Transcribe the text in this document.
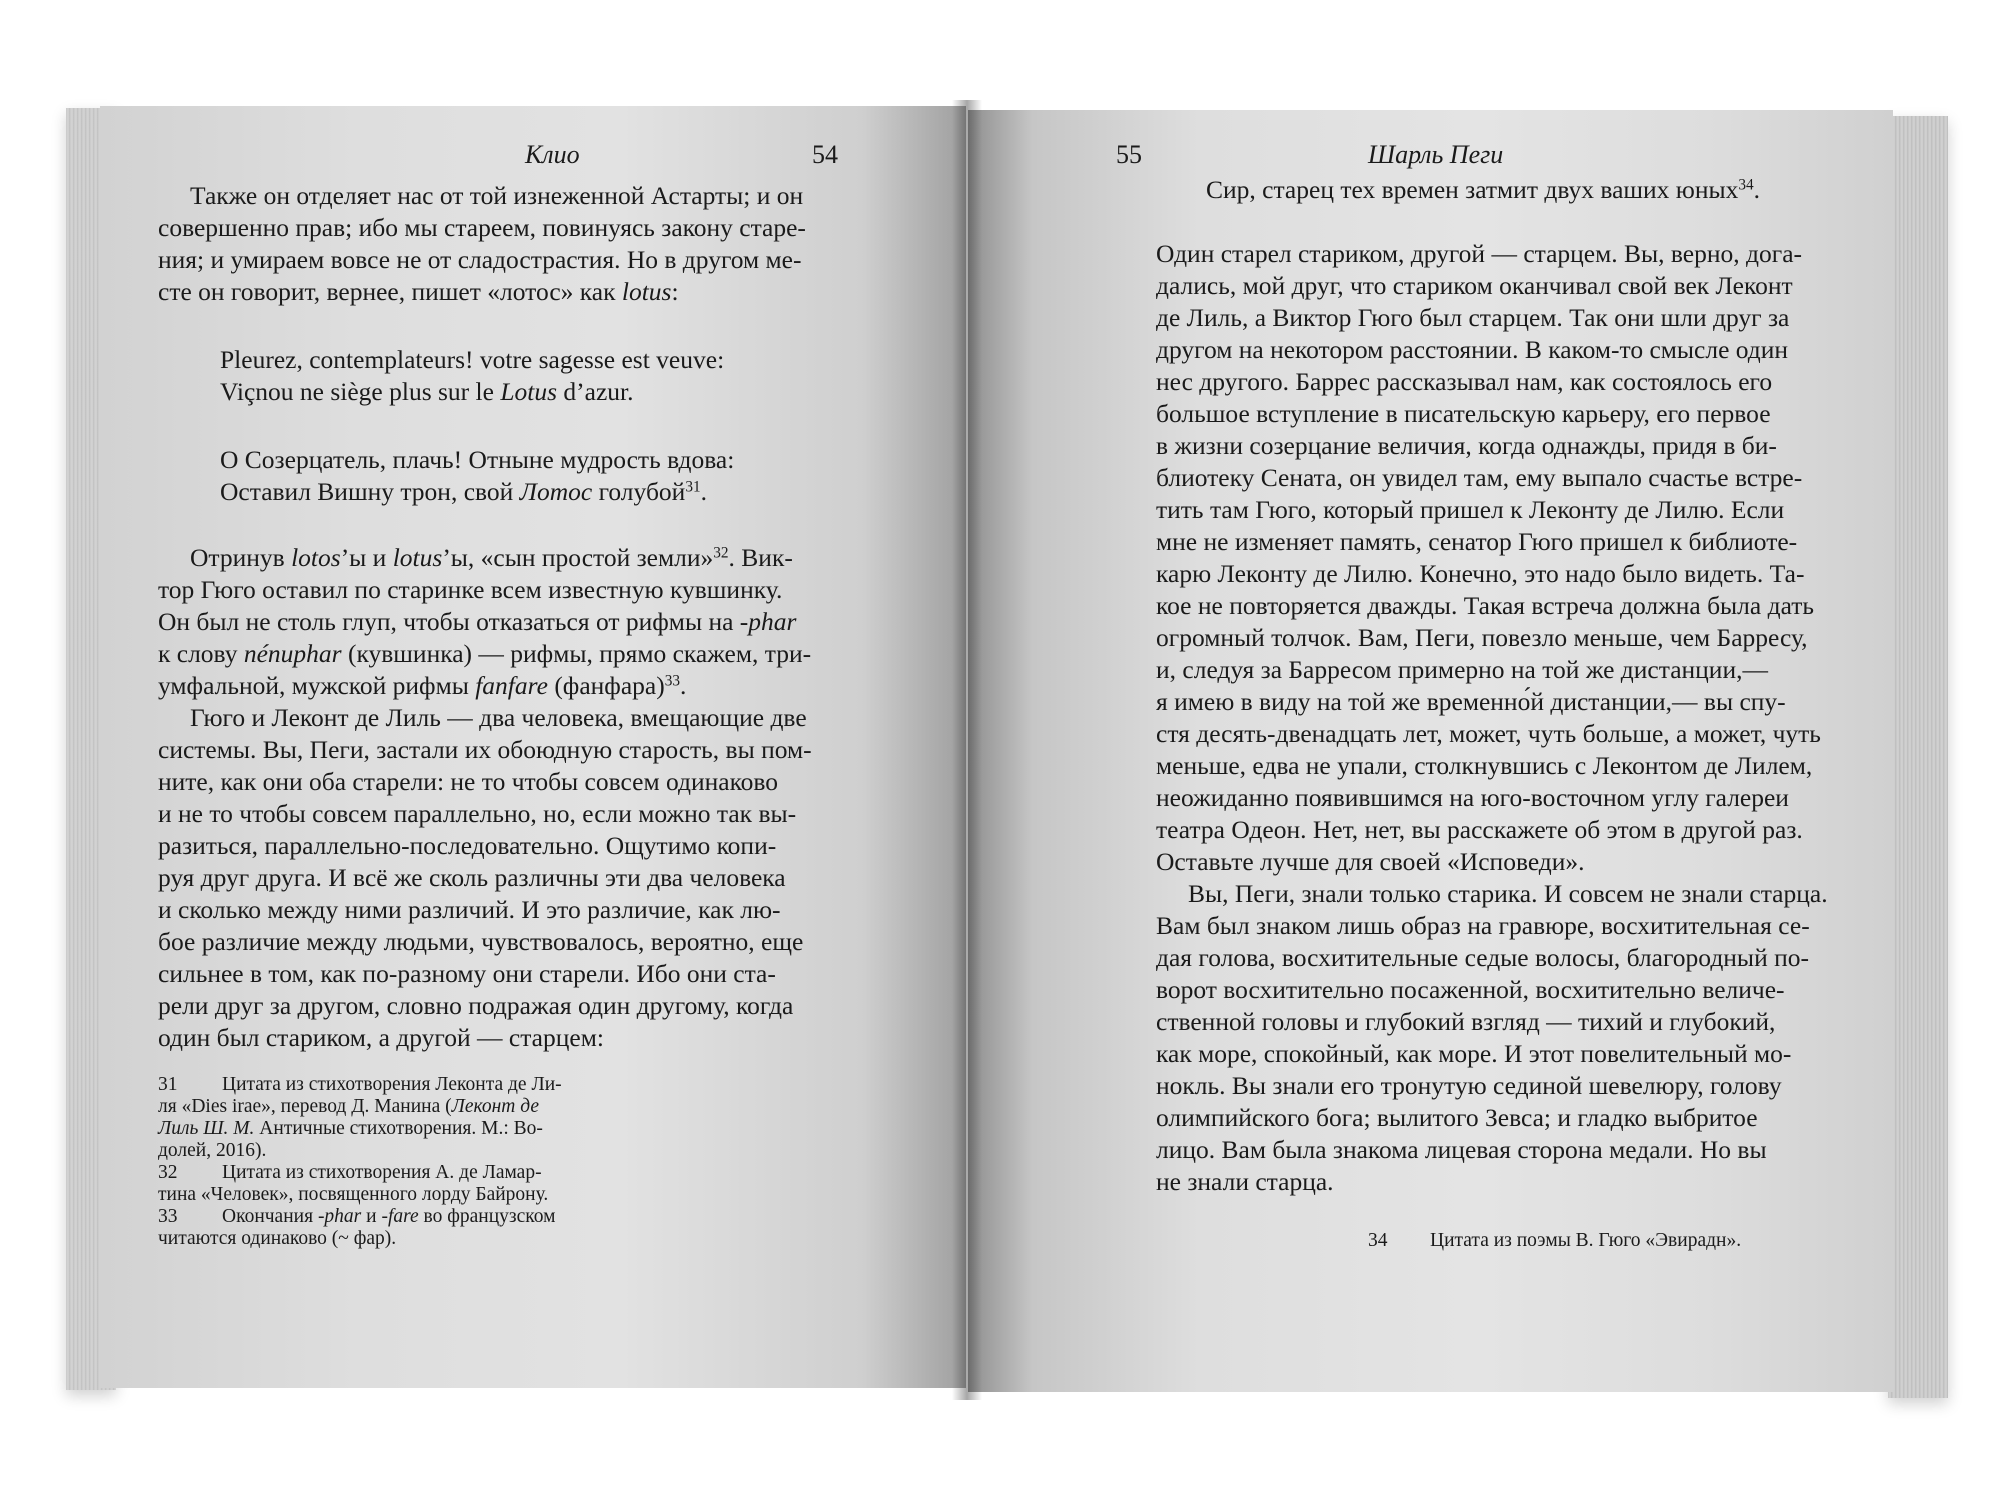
Клио	54
Также он отделяет нас от той изнеженной Астарты; и он
совершенно прав; ибо мы стареем, повинуясь закону старе-
ния; и умираем вовсе не от сладострастия. Но в другом ме-
сте он говорит, вернее, пишет «лотос» как lotus:
Pleurez, contemplateurs! votre sagesse est veuve:
Viçnou ne siège plus sur le Lotus d’azur.
О Созерцатель, плачь! Отныне мудрость вдова:
Оставил Вишну трон, свой Лотос голубой$^{31}$.
Отринув lotos’ы и lotus’ы, «сын простой земли»$^{32}$. Вик-
тор Гюго оставил по старинке всем известную кувшинку.
Он был не столь глуп, чтобы отказаться от рифмы на -phar
к слову nénuphar (кувшинка) — рифмы, прямо скажем, три-
умфальной, мужской рифмы fanfare (фанфара)$^{33}$.
Гюго и Леконт де Лиль — два человека, вмещающие две
системы. Вы, Пеги, застали их обоюдную старость, вы пом-
ните, как они оба старели: не то чтобы совсем одинаково
и не то чтобы совсем параллельно, но, если можно так вы-
разиться, параллельно-последовательно. Ощутимо копи-
руя друг друга. И всё же сколь различны эти два человека
и сколько между ними различий. И это различие, как лю-
бое различие между людьми, чувствовалось, вероятно, еще
сильнее в том, как по-разному они старели. Ибо они ста-
рели друг за другом, словно подражая один другому, когда
один был стариком, а другой — старцем:
31 Цитата из стихотворения Леконта де Ли-
ля «Dies irae», перевод Д. Манина (Леконт де
Лиль Ш. М. Античные стихотворения. М.: Во-
долей, 2016).
32 Цитата из стихотворения А. де Ламар-
тина «Человек», посвященного лорду Байрону.
33 Окончания -phar и -fare во французском
читаются одинаково (~ фар).
55	Шарль Пеги
Сир, старец тех времен затмит двух ваших юных$^{34}$.
Один старел стариком, другой — старцем. Вы, верно, дога-
дались, мой друг, что стариком оканчивал свой век Леконт
де Лиль, а Виктор Гюго был старцем. Так они шли друг за
другом на некотором расстоянии. В каком-то смысле один
нес другого. Баррес рассказывал нам, как состоялось его
большое вступление в писательскую карьеру, его первое
в жизни созерцание величия, когда однажды, придя в би-
блиотеку Сената, он увидел там, ему выпало счастье встре-
тить там Гюго, который пришел к Леконту де Лилю. Если
мне не изменяет память, сенатор Гюго пришел к библиоте-
карю Леконту де Лилю. Конечно, это надо было видеть. Та-
кое не повторяется дважды. Такая встреча должна была дать
огромный толчок. Вам, Пеги, повезло меньше, чем Барресу,
и, следуя за Барресом примерно на той же дистанции,—
я имею в виду на той же временно́й дистанции,— вы спу-
стя десять-двенадцать лет, может, чуть больше, а может, чуть
меньше, едва не упали, столкнувшись с Леконтом де Лилем,
неожиданно появившимся на юго-восточном углу галереи
театра Одеон. Нет, нет, вы расскажете об этом в другой раз.
Оставьте лучше для своей «Исповеди».
Вы, Пеги, знали только старика. И совсем не знали старца.
Вам был знаком лишь образ на гравюре, восхитительная се-
дая голова, восхитительные седые волосы, благородный по-
ворот восхитительно посаженной, восхитительно величе-
ственной головы и глубокий взгляд — тихий и глубокий,
как море, спокойный, как море. И этот повелительный мо-
нокль. Вы знали его тронутую сединой шевелюру, голову
олимпийского бога; вылитого Зевса; и гладко выбритое
лицо. Вам была знакома лицевая сторона медали. Но вы
не знали старца.
34 Цитата из поэмы В. Гюго «Эвирадн».
